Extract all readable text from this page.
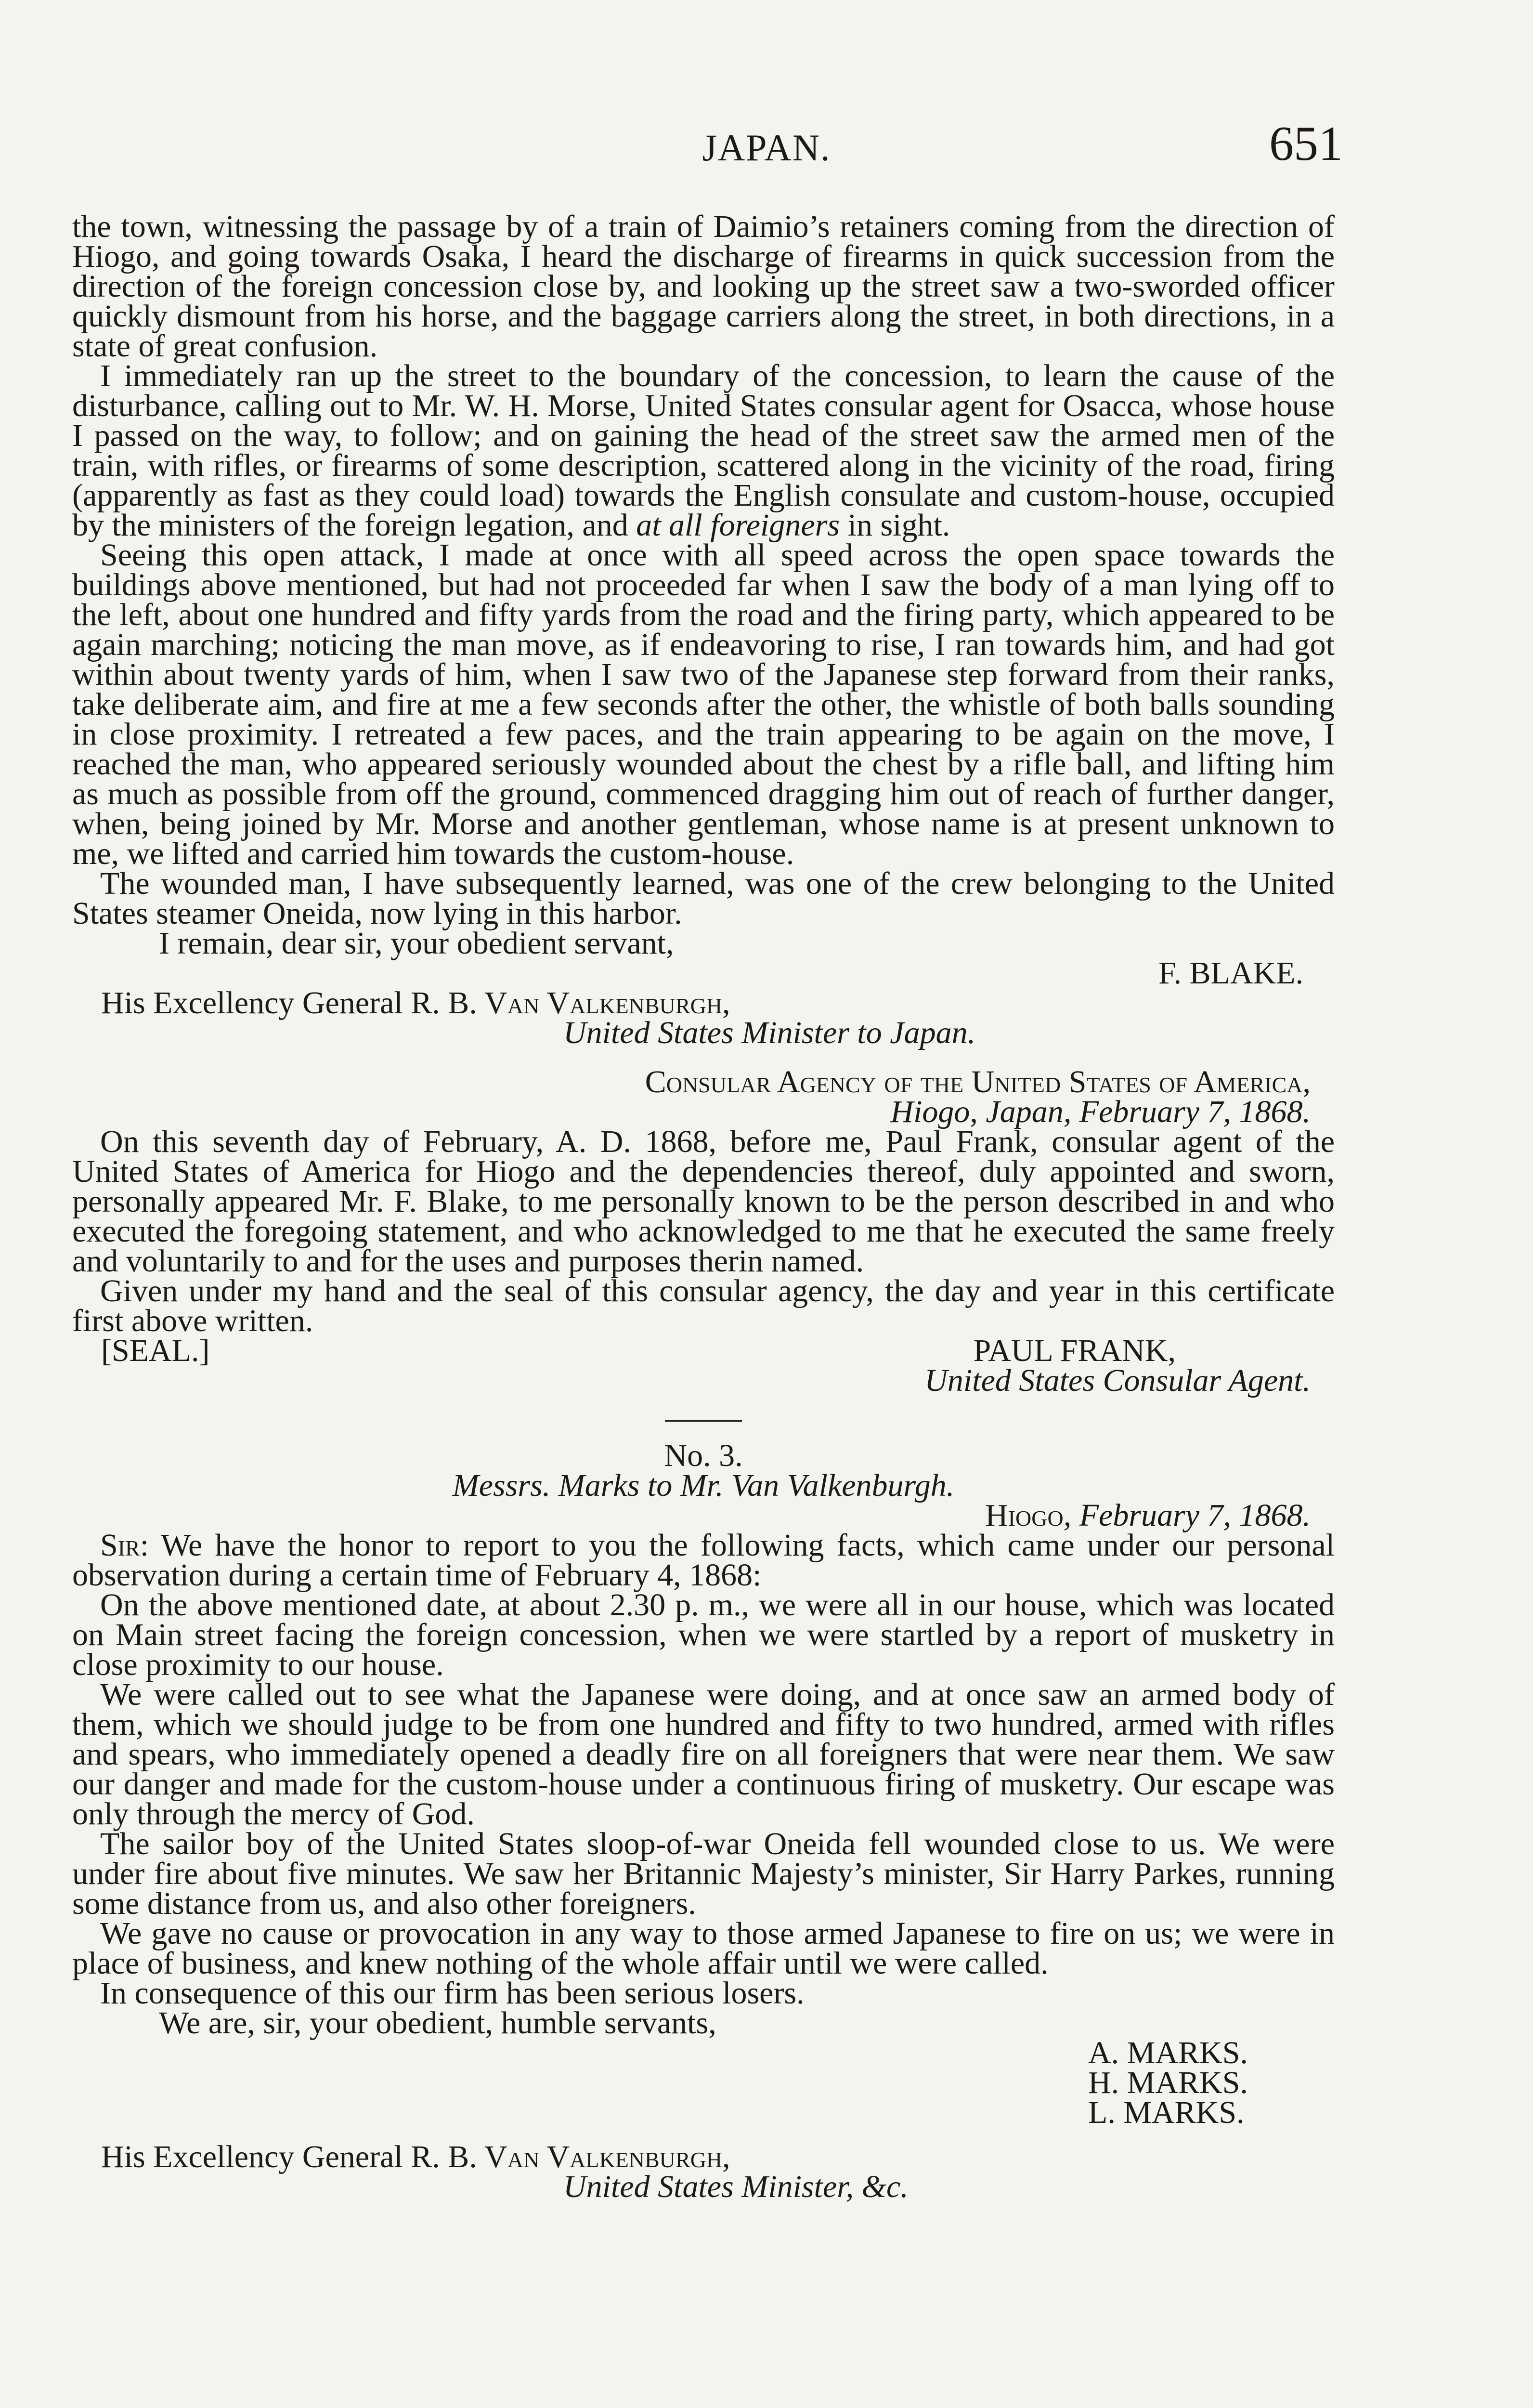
JAPAN.	651

the town, witnessing the passage by of a train of Daimio’s retainers coming from the direction of Hiogo, and going towards Osaka, I heard the discharge of firearms in quick succession from the direction of the foreign concession close by, and looking up the street saw a two-sworded officer quickly dismount from his horse, and the baggage carriers along the street, in both directions, in a state of great confusion.

I immediately ran up the street to the boundary of the concession, to learn the cause of the disturbance, calling out to Mr. W. H. Morse, United States consular agent for Osacca, whose house I passed on the way, to follow; and on gaining the head of the street saw the armed men of the train, with rifles, or firearms of some description, scattered along in the vicinity of the road, firing (apparently as fast as they could load) towards the English consulate and custom-house, occupied by the ministers of the foreign legation, and at all foreigners in sight.

Seeing this open attack, I made at once with all speed across the open space towards the buildings above mentioned, but had not proceeded far when I saw the body of a man lying off to the left, about one hundred and fifty yards from the road and the firing party, which appeared to be again marching; noticing the man move, as if endeavoring to rise, I ran towards him, and had got within about twenty yards of him, when I saw two of the Japanese step forward from their ranks, take deliberate aim, and fire at me a few seconds after the other, the whistle of both balls sounding in close proximity. I retreated a few paces, and the train appearing to be again on the move, I reached the man, who appeared seriously wounded about the chest by a rifle ball, and lifting him as much as possible from off the ground, commenced dragging him out of reach of further danger, when, being joined by Mr. Morse and another gentleman, whose name is at present unknown to me, we lifted and carried him towards the custom-house.

The wounded man, I have subsequently learned, was one of the crew belonging to the United States steamer Oneida, now lying in this harbor.

I remain, dear sir, your obedient servant,

F. BLAKE.
His Excellency General R. B. Van Valkenburgh,
United States Minister to Japan.
Consular Agency of the United States of America,
Hiogo, Japan, February 7, 1868.

On this seventh day of February, A. D. 1868, before me, Paul Frank, consular agent of the United States of America for Hiogo and the dependencies thereof, duly appointed and sworn, personally appeared Mr. F. Blake, to me personally known to be the person described in and who executed the foregoing statement, and who acknowledged to me that he executed the same freely and voluntarily to and for the uses and purposes therin named.

Given under my hand and the seal of this consular agency, the day and year in this certificate first above written.

[SEAL.]	PAUL FRANK,
United States Consular Agent.
No. 3.
Messrs. Marks to Mr. Van Valkenburgh.
Hiogo, February 7, 1868.

Sir: We have the honor to report to you the following facts, which came under our personal observation during a certain time of February 4, 1868:

On the above mentioned date, at about 2.30 p. m., we were all in our house, which was located on Main street facing the foreign concession, when we were startled by a report of musketry in close proximity to our house.

We were called out to see what the Japanese were doing, and at once saw an armed body of them, which we should judge to be from one hundred and fifty to two hundred, armed with rifles and spears, who immediately opened a deadly fire on all foreigners that were near them. We saw our danger and made for the custom-house under a continuous firing of musketry. Our escape was only through the mercy of God.

The sailor boy of the United States sloop-of-war Oneida fell wounded close to us. We were under fire about five minutes. We saw her Britannic Majesty’s minister, Sir Harry Parkes, running some distance from us, and also other foreigners.

We gave no cause or provocation in any way to those armed Japanese to fire on us; we were in place of business, and knew nothing of the whole affair until we were called.

In consequence of this our firm has been serious losers.

We are, sir, your obedient, humble servants,

A. MARKS.
H. MARKS.
L. MARKS.
His Excellency General R. B. Van Valkenburgh,
United States Minister, &c.
